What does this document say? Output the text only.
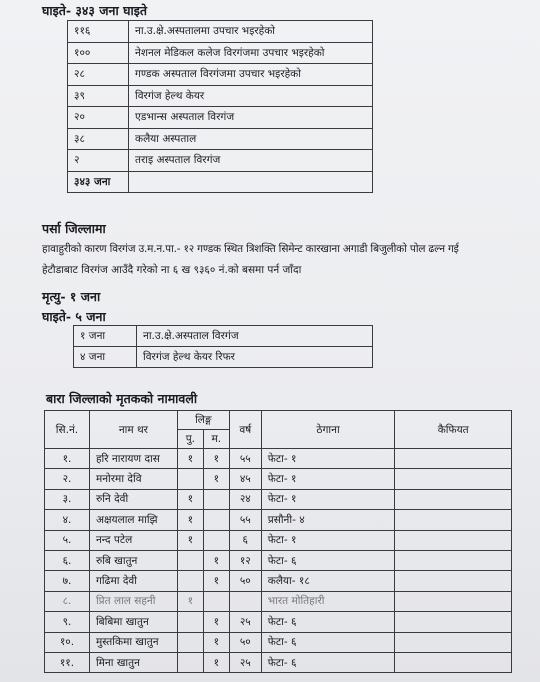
घाइते- ३४३ जना घाइते
११६	ना.उ.क्षे.अस्पतालमा उपचार भइरहेको
१००	नेशनल मेडिकल कलेज विरगंजमा उपचार भइरहेको
२८	गण्डक अस्पताल विरगंजमा उपचार भइरहेको
३९	विरगंज हेल्थ केयर
२०	एडभान्स अस्पताल विरगंज
३८	कलैया अस्पताल
२	तराइ अस्पताल विरगंज
३४३ जना	
पर्सा जिल्लामा
हावाहुरीको कारण विरगंज उ.म.न.पा.- १२ गण्डक स्थित त्रिशक्ति सिमेन्ट कारखाना अगाडी बिजुलीको पोल ढल्न गई
हेटौडाबाट विरगंज आउँदै गरेको ना ६ ख ९३६० नं.को बसमा पर्न जाँदा
मृत्यु- १ जना
घाइते- ५ जना
१ जना	ना.उ.क्षे.अस्पताल विरगंज
४ जना	विरगंज हेल्थ केयर रिफर
बारा जिल्लाको मृतकको नामावली
सि.नं.	नाम थर	लिङ्ग		वर्ष	ठेगाना	कैफियत
		पु.	म.			
१.	हरि नारायण दास	१	१	५५	फेटा- १	
२.	मनोरमा देवि		१	४५	फेटा- १	
३.	रुनि देवी	१		२४	फेटा- १	
४.	अक्षयलाल माझि	१		५५	प्रसौनी- ४	
५.	नन्द पटेल	१		६	फेटा- १	
६.	रुबि खातुन		१	१२	फेटा- ६	
७.	गढिमा देवी		१	५०	कलैया- १८	
८.	प्रित लाल सहनी	१			भारत मोतिहारी	
९.	बिबिमा खातुन		१	२५	फेटा- ६	
१०.	मुस्तकिमा खातुन		१	५०	फेटा- ६	
११.	मिना खातुन		१	२५	फेटा- ६	
